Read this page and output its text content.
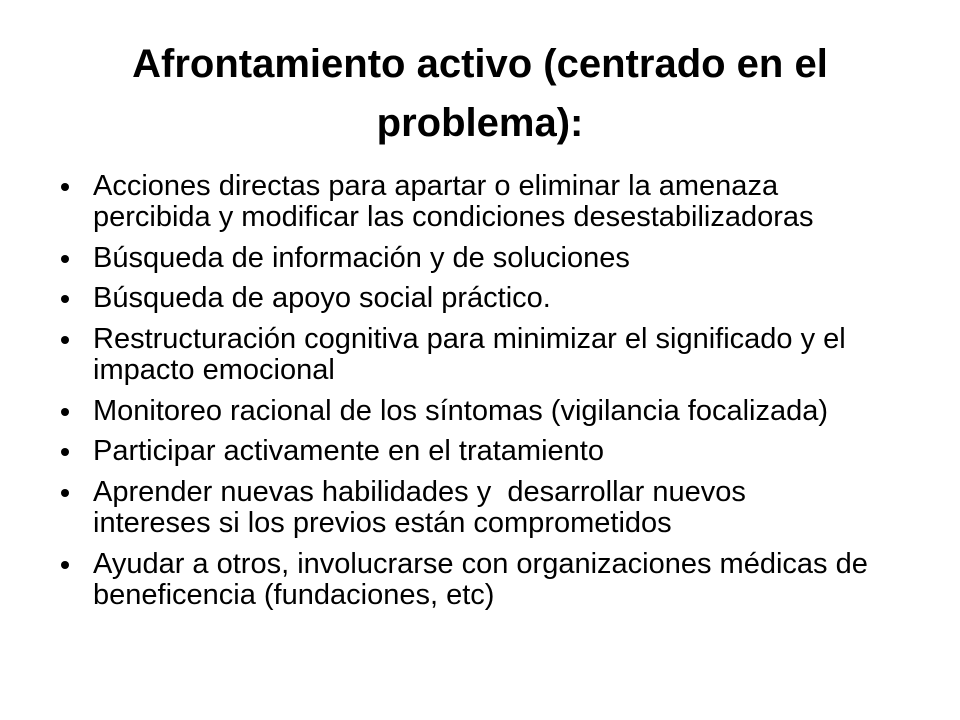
Afrontamiento activo (centrado en el
problema):
Acciones directas para apartar o eliminar la amenaza
percibida y modificar las condiciones desestabilizadoras
Búsqueda de información y de soluciones
Búsqueda de apoyo social práctico.
Restructuración cognitiva para minimizar el significado y el
impacto emocional
Monitoreo racional de los síntomas (vigilancia focalizada)
Participar activamente en el tratamiento
Aprender nuevas habilidades y  desarrollar nuevos
intereses si los previos están comprometidos
Ayudar a otros, involucrarse con organizaciones médicas de
beneficencia (fundaciones, etc)
